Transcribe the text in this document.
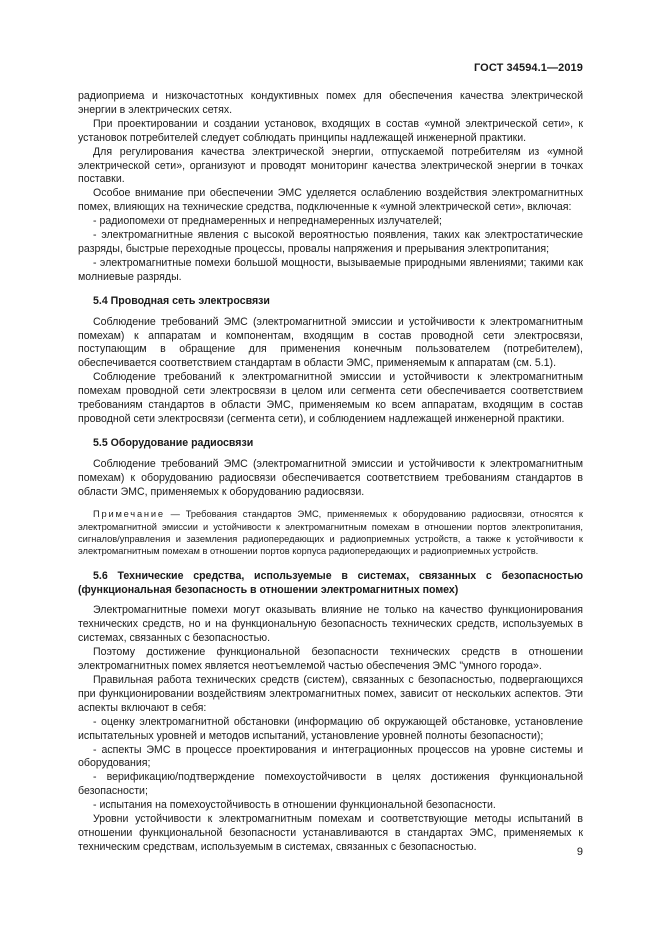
ГОСТ 34594.1—2019

радиоприема и низкочастотных кондуктивных помех для обеспечения качества электрической энергии в электрических сетях.

При проектировании и создании установок, входящих в состав «умной электрической сети», к установок потребителей следует соблюдать принципы надлежащей инженерной практики.

Для регулирования качества электрической энергии, отпускаемой потребителям из «умной электрической сети», организуют и проводят мониторинг качества электрической энергии в точках поставки.

Особое внимание при обеспечении ЭМС уделяется ослаблению воздействия электромагнитных помех, влияющих на технические средства, подключенные к «умной электрической сети», включая:

- радиопомехи от преднамеренных и непреднамеренных излучателей;

- электромагнитные явления с высокой вероятностью появления, таких как электростатические разряды, быстрые переходные процессы, провалы напряжения и прерывания электропитания;

- электромагнитные помехи большой мощности, вызываемые природными явлениями; такими как молниевые разряды.

5.4 Проводная сеть электросвязи

Соблюдение требований ЭМС (электромагнитной эмиссии и устойчивости к электромагнитным помехам) к аппаратам и компонентам, входящим в состав проводной сети электросвязи, поступающим в обращение для применения конечным пользователем (потребителем), обеспечивается соответствием стандартам в области ЭМС, применяемым к аппаратам (см. 5.1).

Соблюдение требований к электромагнитной эмиссии и устойчивости к электромагнитным помехам проводной сети электросвязи в целом или сегмента сети обеспечивается соответствием требованиям стандартов в области ЭМС, применяемым ко всем аппаратам, входящим в состав проводной сети электросвязи (сегмента сети), и соблюдением надлежащей инженерной практики.

5.5 Оборудование радиосвязи

Соблюдение требований ЭМС (электромагнитной эмиссии и устойчивости к электромагнитным помехам) к оборудованию радиосвязи обеспечивается соответствием требованиям стандартов в области ЭМС, применяемых к оборудованию радиосвязи.

Примечание — Требования стандартов ЭМС, применяемых к оборудованию радиосвязи, относятся к электромагнитной эмиссии и устойчивости к электромагнитным помехам в отношении портов электропитания, сигналов/управления и заземления радиопередающих и радиоприемных устройств, а также к устойчивости к электромагнитным помехам в отношении портов корпуса радиопередающих и радиоприемных устройств.

5.6 Технические средства, используемые в системах, связанных с безопасностью (функциональная безопасность в отношении электромагнитных помех)

Электромагнитные помехи могут оказывать влияние не только на качество функционирования технических средств, но и на функциональную безопасность технических средств, используемых в системах, связанных с безопасностью.

Поэтому достижение функциональной безопасности технических средств в отношении электромагнитных помех является неотъемлемой частью обеспечения ЭМС "умного города».

Правильная работа технических средств (систем), связанных с безопасностью, подвергающихся при функционировании воздействиям электромагнитных помех, зависит от нескольких аспектов. Эти аспекты включают в себя:

- оценку электромагнитной обстановки (информацию об окружающей обстановке, установление испытательных уровней и методов испытаний, установление уровней полноты безопасности);

- аспекты ЭМС в процессе проектирования и интеграционных процессов на уровне системы и оборудования;

- верификацию/подтверждение помехоустойчивости в целях достижения функциональной безопасности;

- испытания на помехоустойчивость в отношении функциональной безопасности.

Уровни устойчивости к электромагнитным помехам и соответствующие методы испытаний в отношении функциональной безопасности устанавливаются в стандартах ЭМС, применяемых к техническим средствам, используемым в системах, связанных с безопасностью.	9
